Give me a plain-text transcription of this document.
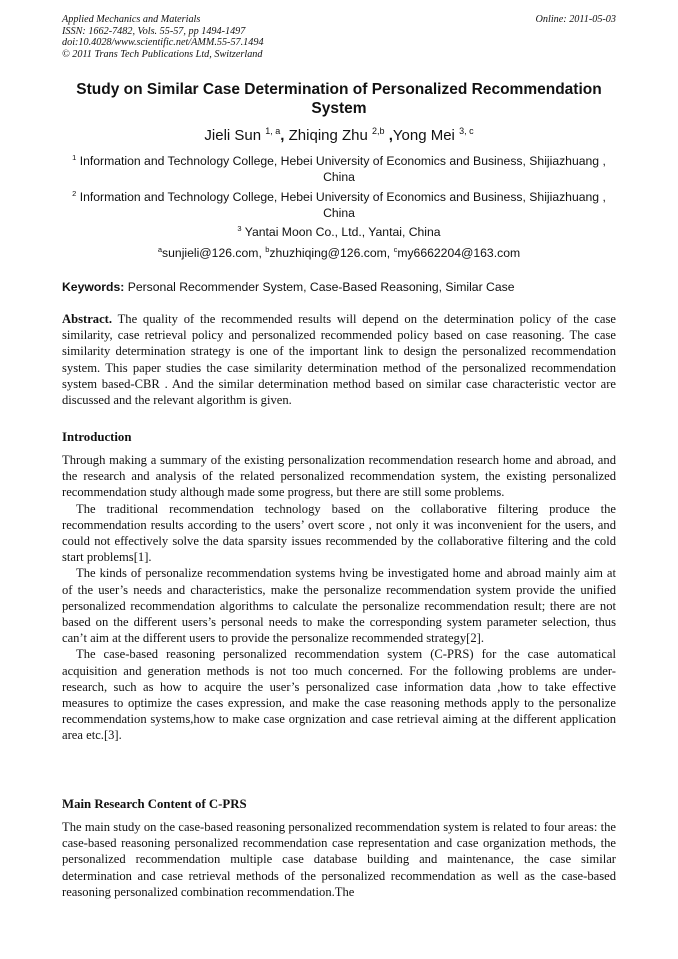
Applied Mechanics and Materials
ISSN: 1662-7482, Vols. 55-57, pp 1494-1497
doi:10.4028/www.scientific.net/AMM.55-57.1494
© 2011 Trans Tech Publications Ltd, Switzerland
Online: 2011-05-03
Study on Similar Case Determination of Personalized Recommendation
System
Jieli Sun $^{1, a}$, Zhiqing Zhu $^{2,b}$ ,Yong Mei $^{3, c}$
$^1$ Information and Technology College, Hebei University of Economics and Business, Shijiazhuang ,
China
$^2$ Information and Technology College, Hebei University of Economics and Business, Shijiazhuang ,
China
$^3$ Yantai Moon Co., Ltd., Yantai, China
$^a$sunjieli@126.com, $^b$zhuzhiqing@126.com, $^c$my6662204@163.com
Keywords: Personal Recommender System, Case-Based Reasoning, Similar Case

Abstract. The quality of the recommended results will depend on the determination policy of the case similarity, case retrieval policy and personalized recommended policy based on case reasoning. The case similarity determination strategy is one of the important link to design the personalized recommendation system. This paper studies the case similarity determination method of the personalized recommendation system based-CBR . And the similar determination method based on similar case characteristic vector are discussed and the relevant algorithm is given.

Introduction

Through making a summary of the existing personalization recommendation research home and abroad, and the research and analysis of the related personalized recommendation system, the existing personalized recommendation study although made some progress, but there are still some problems.

The traditional recommendation technology based on the collaborative filtering produce the recommendation results according to the users’ overt score , not only it was inconvenient for the users, and could not effectively solve the data sparsity issues recommended by the collaborative filtering and the cold start problems[1].

The kinds of personalize recommendation systems hving be investigated home and abroad mainly aim at of the user’s needs and characteristics, make the personalize recommendation system provide the unified personalized recommendation algorithms to calculate the personalize recommendation result; there are not based on the different users’s personal needs to make the corresponding system parameter selection, thus can’t aim at the different users to provide the personalize recommended strategy[2].

The case-based reasoning personalized recommendation system (C-PRS) for the case automatical acquisition and generation methods is not too much concerned. For the following problems are under-research, such as how to acquire the user’s personalized case information data ,how to take effective measures to optimize the cases expression, and make the case reasoning methods apply to the personalize recommendation systems,how to make case orgnization and case retrieval aiming at the different application area etc.[3].

Main Research Content of C-PRS

The main study on the case-based reasoning personalized recommendation system is related to four areas: the case-based reasoning personalized recommendation case representation and case organization methods, the personalized recommendation multiple case database building and maintenance, the case similar determination and case retrieval methods of the personalized recommendation as well as the case-based reasoning personalized combination recommendation.The
